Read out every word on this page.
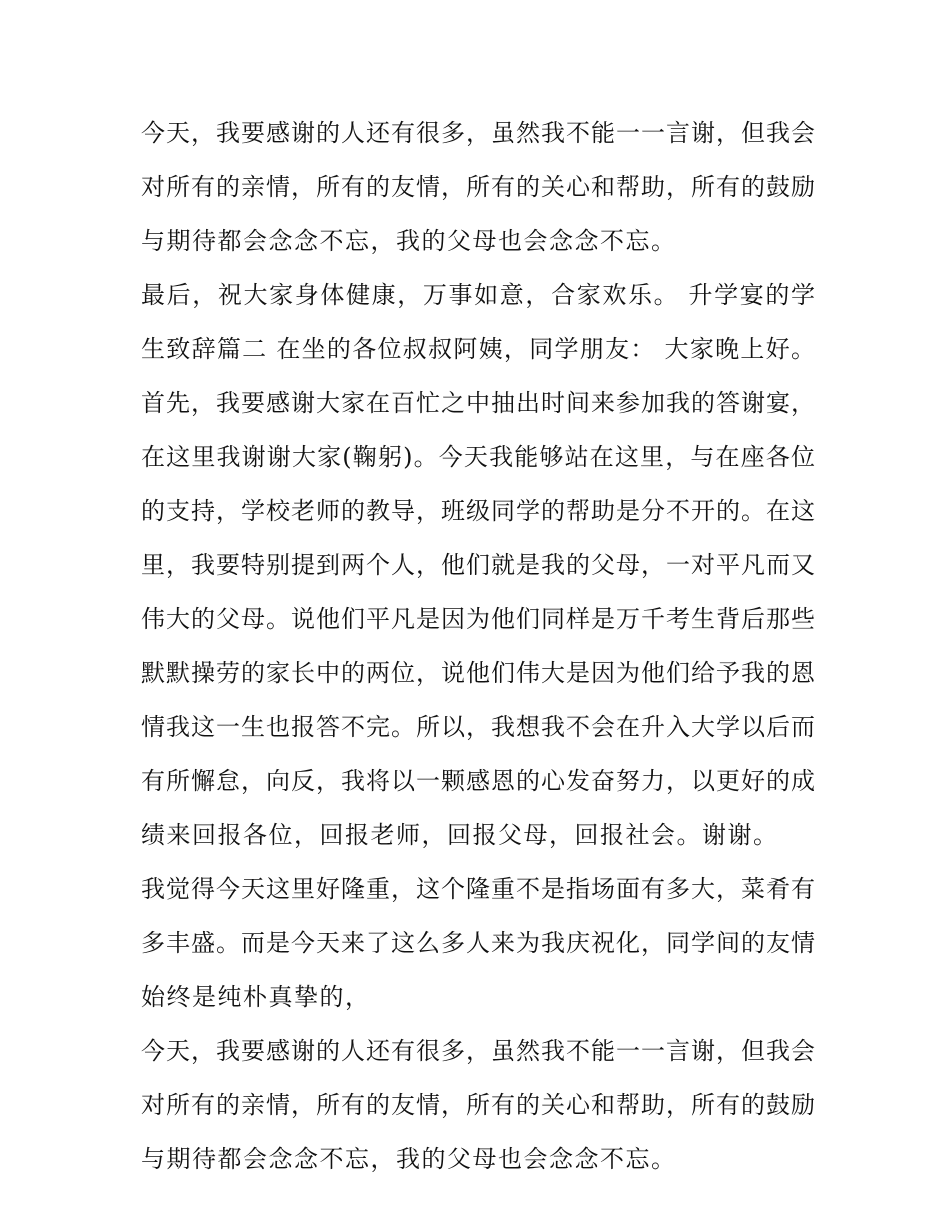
今天，我要感谢的人还有很多，虽然我不能一一言谢，但我会
对所有的亲情，所有的友情，所有的关心和帮助，所有的鼓励
与期待都会念念不忘，我的父母也会念念不忘。
最后，祝大家身体健康，万事如意，合家欢乐。 升学宴的学
生致辞篇二 在坐的各位叔叔阿姨，同学朋友： 大家晚上好。
首先，我要感谢大家在百忙之中抽出时间来参加我的答谢宴，
在这里我谢谢大家(鞠躬)。今天我能够站在这里，与在座各位
的支持，学校老师的教导，班级同学的帮助是分不开的。在这
里，我要特别提到两个人，他们就是我的父母，一对平凡而又
伟大的父母。说他们平凡是因为他们同样是万千考生背后那些
默默操劳的家长中的两位，说他们伟大是因为他们给予我的恩
情我这一生也报答不完。所以，我想我不会在升入大学以后而
有所懈怠，向反，我将以一颗感恩的心发奋努力，以更好的成
绩来回报各位，回报老师，回报父母，回报社会。谢谢。
我觉得今天这里好隆重，这个隆重不是指场面有多大，菜肴有
多丰盛。而是今天来了这么多人来为我庆祝化，同学间的友情
始终是纯朴真挚的，
今天，我要感谢的人还有很多，虽然我不能一一言谢，但我会
对所有的亲情，所有的友情，所有的关心和帮助，所有的鼓励
与期待都会念念不忘，我的父母也会念念不忘。
